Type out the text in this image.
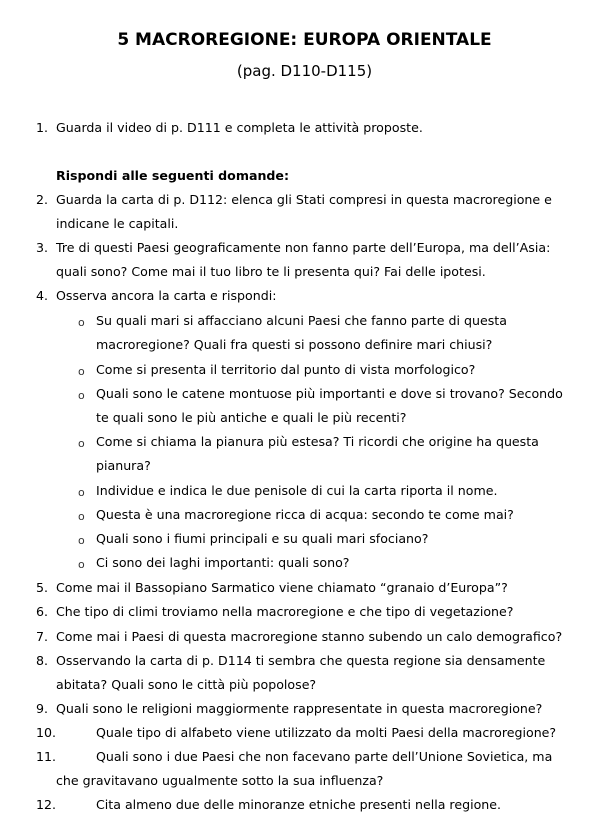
5 MACROREGIONE: EUROPA ORIENTALE

(pag. D110-D115)

1. Guarda il video di p. D111 e completa le attività proposte.

Rispondi alle seguenti domande:

2. Guarda la carta di p. D112: elenca gli Stati compresi in questa macroregione e

indicane le capitali.

3. Tre di questi Paesi geograficamente non fanno parte dell’Europa, ma dell’Asia:

quali sono? Come mai il tuo libro te li presenta qui? Fai delle ipotesi.

4. Osserva ancora la carta e rispondi:

o Su quali mari si affacciano alcuni Paesi che fanno parte di questa

macroregione? Quali fra questi si possono definire mari chiusi?

o Come si presenta il territorio dal punto di vista morfologico?

o Quali sono le catene montuose più importanti e dove si trovano? Secondo

te quali sono le più antiche e quali le più recenti?

o Come si chiama la pianura più estesa? Ti ricordi che origine ha questa

pianura?

o Individue e indica le due penisole di cui la carta riporta il nome.

o Questa è una macroregione ricca di acqua: secondo te come mai?

o Quali sono i fiumi principali e su quali mari sfociano?

o Ci sono dei laghi importanti: quali sono?

5. Come mai il Bassopiano Sarmatico viene chiamato “granaio d’Europa”?

6. Che tipo di climi troviamo nella macroregione e che tipo di vegetazione?

7. Come mai i Paesi di questa macroregione stanno subendo un calo demografico?

8. Osservando la carta di p. D114 ti sembra che questa regione sia densamente

abitata? Quali sono le città più popolose?

9. Quali sono le religioni maggiormente rappresentate in questa macroregione?

10.	Quale tipo di alfabeto viene utilizzato da molti Paesi della macroregione?

11.	Quali sono i due Paesi che non facevano parte dell’Unione Sovietica, ma

che gravitavano ugualmente sotto la sua influenza?

12.	Cita almeno due delle minoranze etniche presenti nella regione.
